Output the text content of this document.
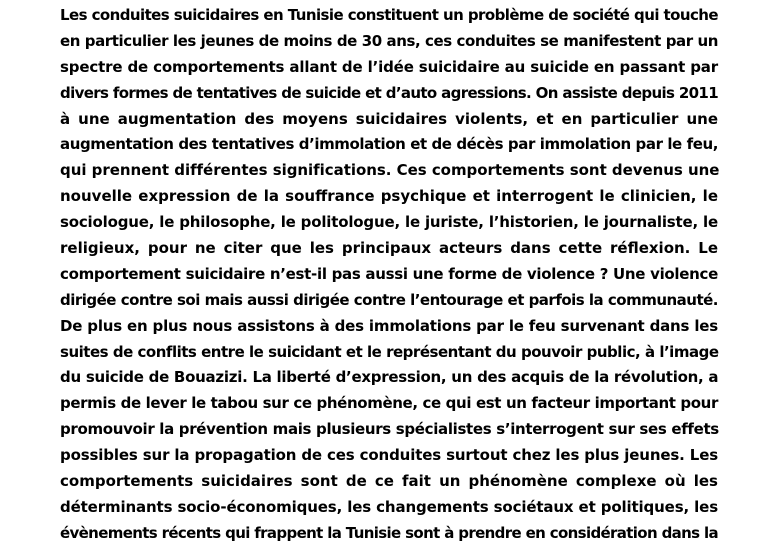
Les conduites suicidaires en Tunisie constituent un problème de société qui touche
en particulier les jeunes de moins de 30 ans, ces conduites se manifestent par un
spectre de comportements allant de l’idée suicidaire au suicide en passant par
divers formes de tentatives de suicide et d’auto agressions. On assiste depuis 2011
à une augmentation des moyens suicidaires violents, et en particulier une
augmentation des tentatives d’immolation et de décès par immolation par le feu,
qui prennent différentes significations. Ces comportements sont devenus une
nouvelle expression de la souffrance psychique et interrogent le clinicien, le
sociologue, le philosophe, le politologue, le juriste, l’historien, le journaliste, le
religieux, pour ne citer que les principaux acteurs dans cette réflexion. Le
comportement suicidaire n’est-il pas aussi une forme de violence ? Une violence
dirigée contre soi mais aussi dirigée contre l’entourage et parfois la communauté.
De plus en plus nous assistons à des immolations par le feu survenant dans les
suites de conflits entre le suicidant et le représentant du pouvoir public, à l’image
du suicide de Bouazizi. La liberté d’expression, un des acquis de la révolution, a
permis de lever le tabou sur ce phénomène, ce qui est un facteur important pour
promouvoir la prévention mais plusieurs spécialistes s’interrogent sur ses effets
possibles sur la propagation de ces conduites surtout chez les plus jeunes. Les
comportements suicidaires sont de ce fait un phénomène complexe où les
déterminants socio-économiques, les changements sociétaux et politiques, les
évènements récents qui frappent la Tunisie sont à prendre en considération dans la
